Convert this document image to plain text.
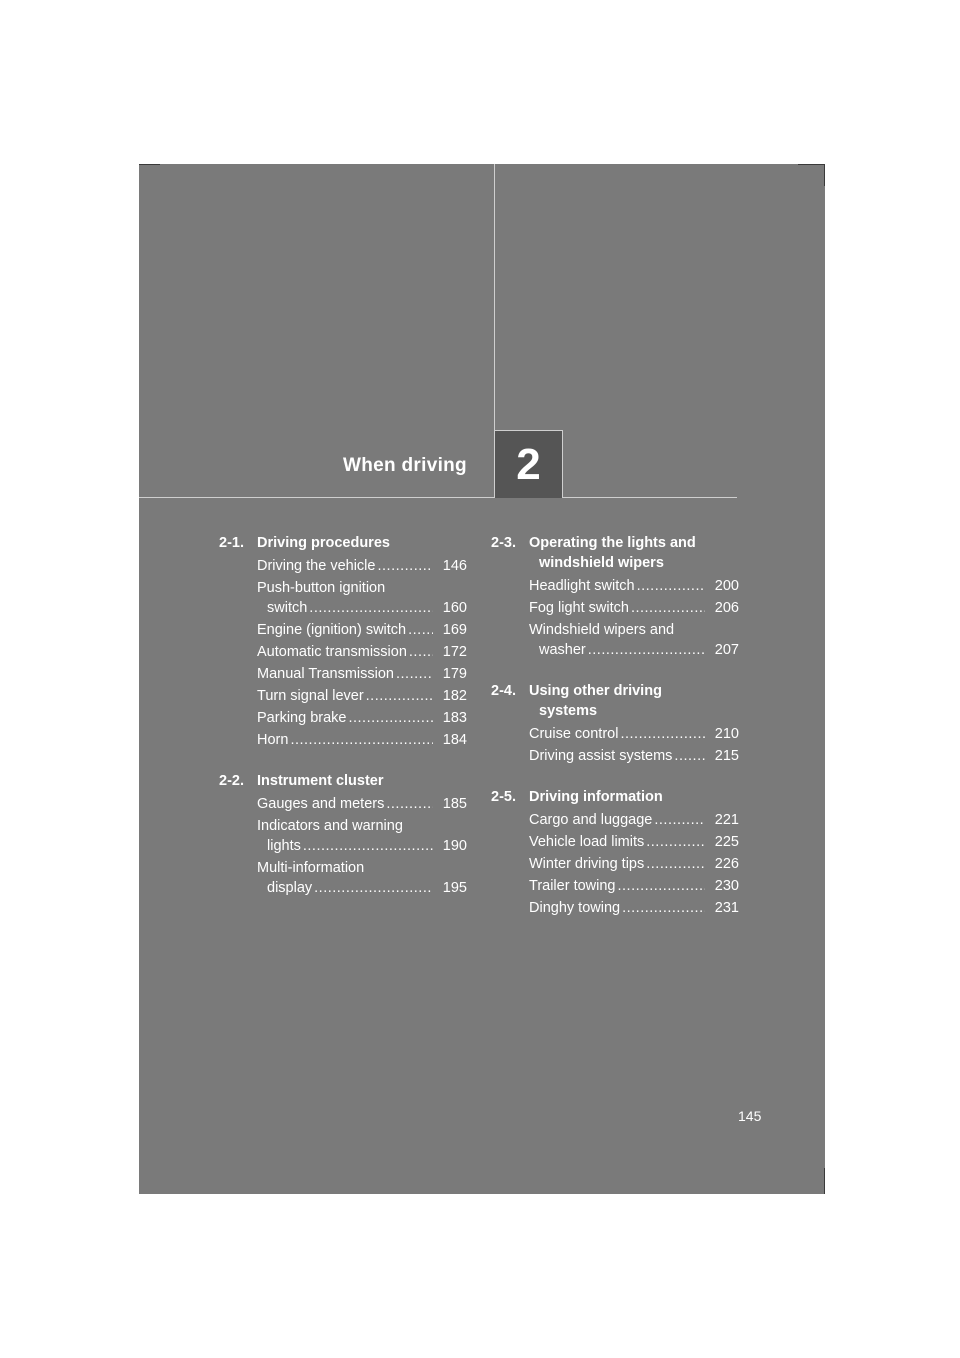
When driving	2
2-1. Driving procedures
Driving the vehicle .....	146
Push-button ignition
switch .....	160
Engine (ignition) switch .....	169
Automatic transmission .....	172
Manual Transmission .....	179
Turn signal lever .....	182
Parking brake .....	183
Horn .....	184
2-2. Instrument cluster
Gauges and meters .....	185
Indicators and warning
lights .....	190
Multi-information
display .....	195
2-3. Operating the lights and
windshield wipers
Headlight switch .....	200
Fog light switch .....	206
Windshield wipers and
washer .....	207
2-4. Using other driving
systems
Cruise control .....	210
Driving assist systems .....	215
2-5. Driving information
Cargo and luggage .....	221
Vehicle load limits .....	225
Winter driving tips .....	226
Trailer towing .....	230
Dinghy towing .....	231
145
